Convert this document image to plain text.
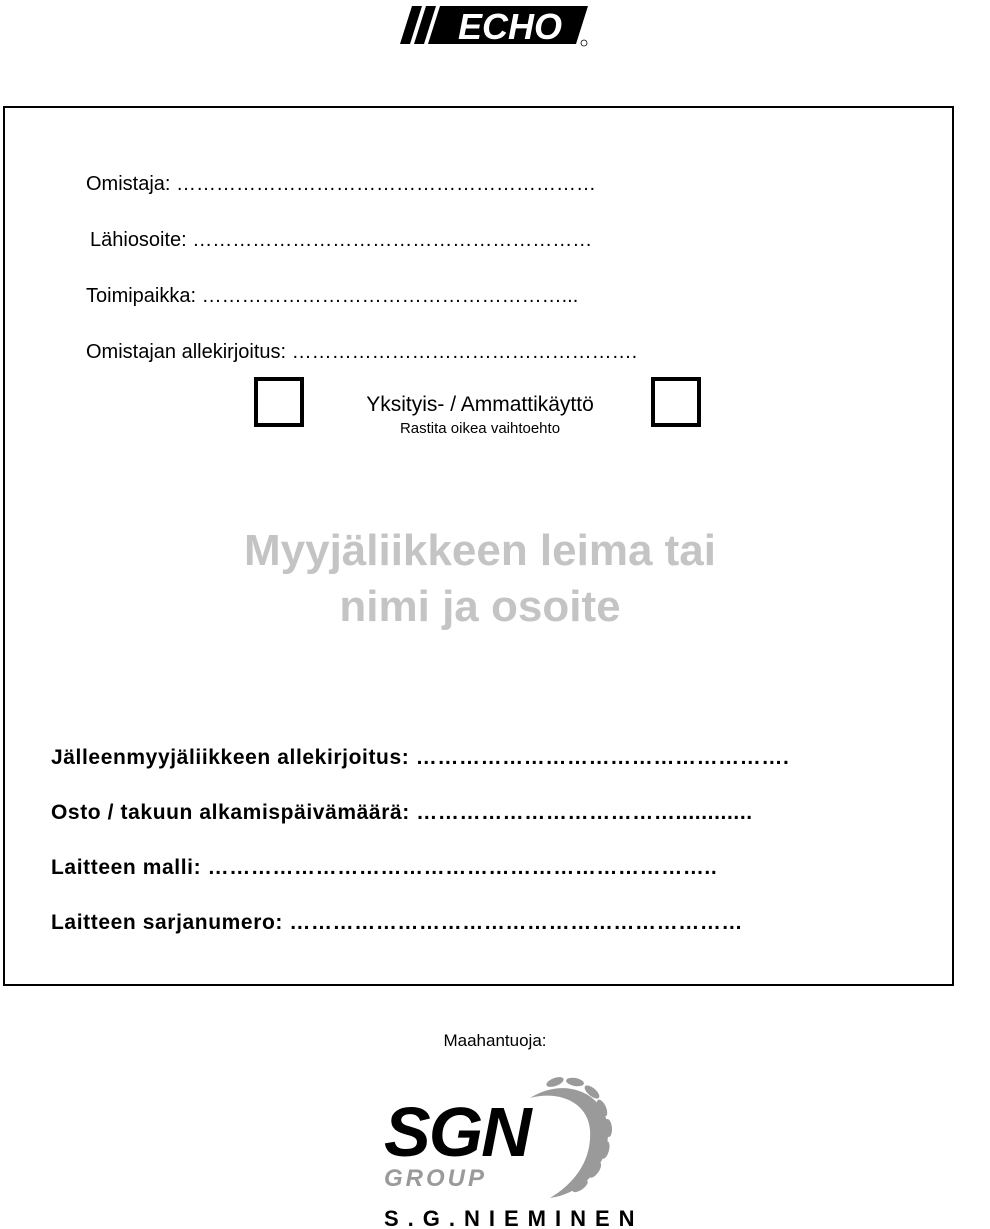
ECHO
Omistaja: ………………………………………………………
Lähiosoite: ……………………………………………………
Toimipaikka: ………………………………………………...
Omistajan allekirjoitus: …………………………………………….
Yksityis- / Ammattikäyttö
Rastita oikea vaihtoehto
Myyjäliikkeen leima tai
nimi ja osoite
Jälleenmyyjäliikkeen allekirjoitus: …………………………………………….
Osto / takuun alkamispäivämäärä: ………………………………............
Laitteen malli: ……………………………………………………………..
Laitteen sarjanumero: ………………………………………………………
Maahantuoja:
SGN
GROUP
S.G.NIEMINEN
